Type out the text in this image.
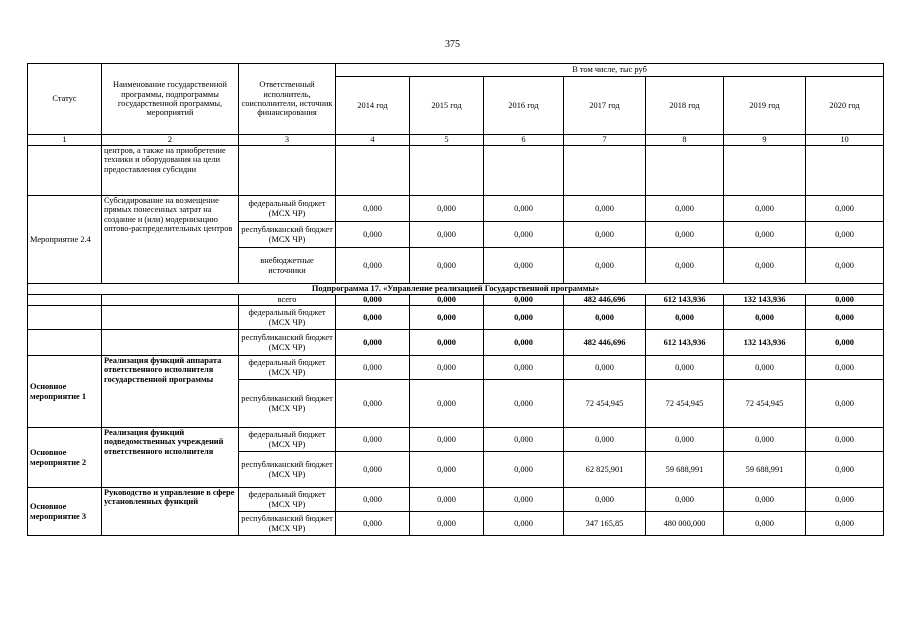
375
Статус	Наименование государственной программы, подпрограммы государственной программы, мероприятий	Ответственный исполнитель, соисполнители, источник финансирования	В том числе, тыс руб						
			2014 год	2015 год	2016 год	2017 год	2018 год	2019 год	2020 год
1	2	3	4	5	6	7	8	9	10
	центров, а также на приобретение техники и оборудования на цели предоставления субсидии								
Мероприятие 2.4	Субсидирование на возмещение прямых понесенных затрат на создание и (или) модернизацию оптово-распределительных центров	федеральный бюджет (МСХ ЧР)	0,000	0,000	0,000	0,000	0,000	0,000	0,000
		республиканский бюджет (МСХ ЧР)	0,000	0,000	0,000	0,000	0,000	0,000	0,000
		внебюджетные источники	0,000	0,000	0,000	0,000	0,000	0,000	0,000
Подпрограмма 17. «Управление реализацией Государственной программы»									
		всего	0,000	0,000	0,000	482 446,696	612 143,936	132 143,936	0,000
		федеральный бюджет (МСХ ЧР)	0,000	0,000	0,000	0,000	0,000	0,000	0,000
		республиканский бюджет (МСХ ЧР)	0,000	0,000	0,000	482 446,696	612 143,936	132 143,936	0,000
Основное мероприятие 1	Реализация функций аппарата ответственного исполнителя государственной программы	федеральный бюджет (МСХ ЧР)	0,000	0,000	0,000	0,000	0,000	0,000	0,000
		республиканский бюджет (МСХ ЧР)	0,000	0,000	0,000	72 454,945	72 454,945	72 454,945	0,000
Основное мероприятие 2	Реализация функций подведомственных учреждений ответственного исполнителя	федеральный бюджет (МСХ ЧР)	0,000	0,000	0,000	0,000	0,000	0,000	0,000
		республиканский бюджет (МСХ ЧР)	0,000	0,000	0,000	62 825,901	59 688,991	59 688,991	0,000
Основное мероприятие 3	Руководство и управление в сфере установленных функций	федеральный бюджет (МСХ ЧР)	0,000	0,000	0,000	0,000	0,000	0,000	0,000
		республиканский бюджет (МСХ ЧР)	0,000	0,000	0,000	347 165,85	480 000,000	0,000	0,000
